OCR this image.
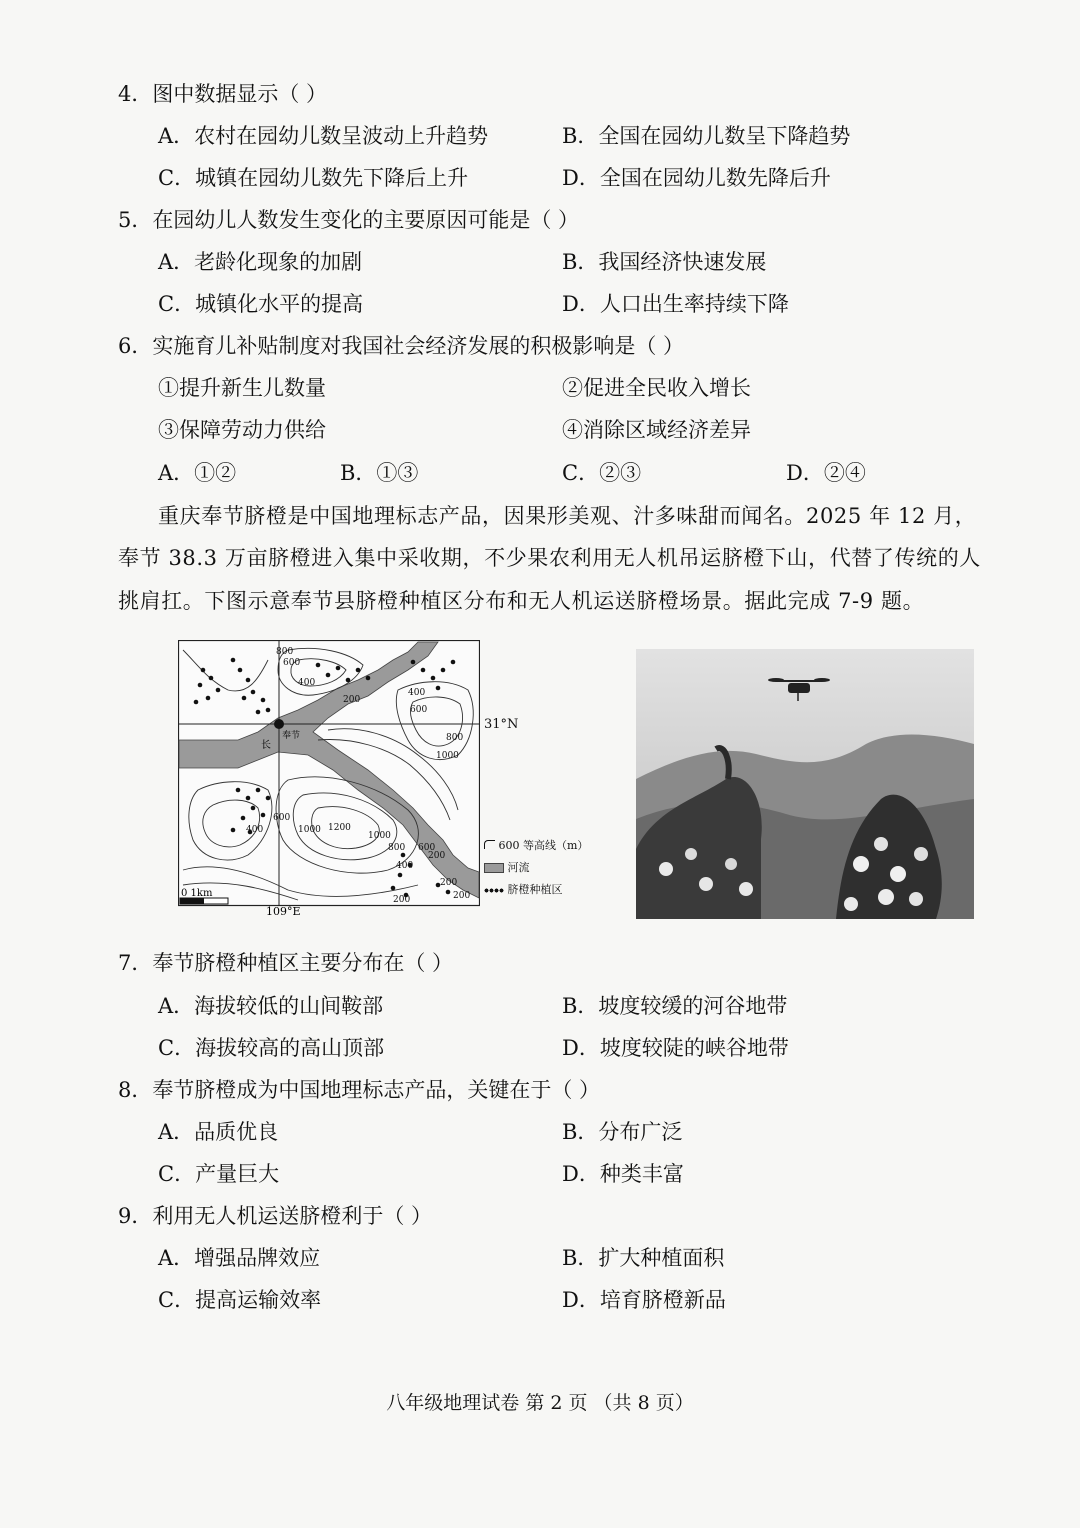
4．图中数据显示（ ）
A．农村在园幼儿数呈波动上升趋势	B．全国在园幼儿数呈下降趋势
C．城镇在园幼儿数先下降后上升	D．全国在园幼儿数先降后升
5．在园幼儿人数发生变化的主要原因可能是（ ）
A．老龄化现象的加剧	B．我国经济快速发展
C．城镇化水平的提高	D．人口出生率持续下降
6．实施育儿补贴制度对我国社会经济发展的积极影响是（ ）
①提升新生儿数量	②促进全民收入增长
③保障劳动力供给	④消除区域经济差异
A．①②	B．①③	C．②③	D．②④
重庆奉节脐橙是中国地理标志产品，因果形美观、汁多味甜而闻名。2025 年 12 月，
奉节 38.3 万亩脐橙进入集中采收期，不少果农利用无人机吊运脐橙下山，代替了传统的人
挑肩扛。下图示意奉节县脐橙种植区分布和无人机运送脐橙场景。据此完成 7-9 题。
800
600
400
200
400
600
800
1000
600
1000 1200
1000
800 600
400
200
400
200
200
200
长
奉节
0 1km
109°E
31°N
600 等高线（m）
河流
脐橙种植区
7．奉节脐橙种植区主要分布在（ ）
A．海拔较低的山间鞍部	B．坡度较缓的河谷地带
C．海拔较高的高山顶部	D．坡度较陡的峡谷地带
8．奉节脐橙成为中国地理标志产品，关键在于（ ）
A．品质优良	B．分布广泛
C．产量巨大	D．种类丰富
9．利用无人机运送脐橙利于（ ）
A．增强品牌效应	B．扩大种植面积
C．提高运输效率	D．培育脐橙新品
八年级地理试卷 第 2 页 （共 8 页）
